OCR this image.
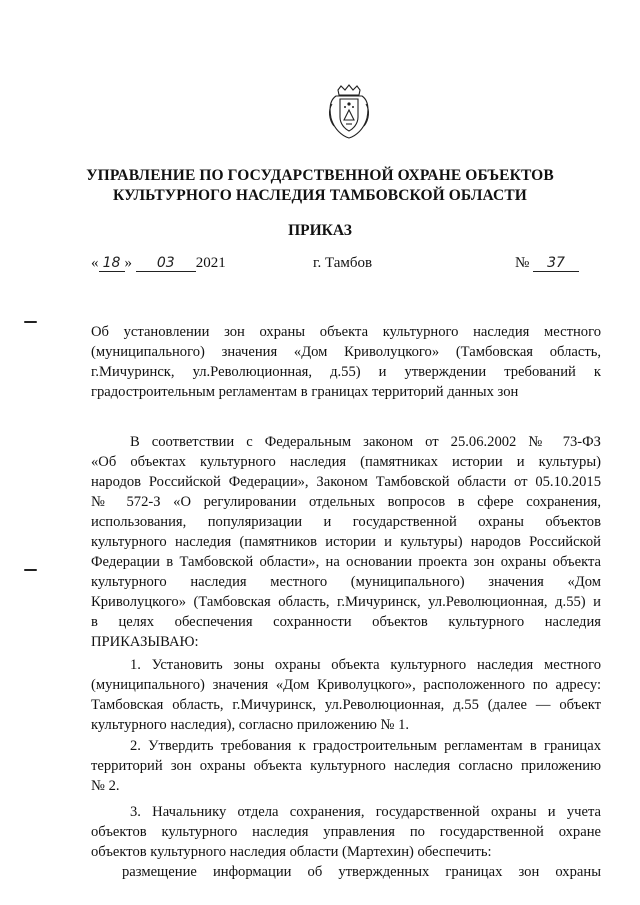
УПРАВЛЕНИЕ ПО ГОСУДАРСТВЕННОЙ ОХРАНЕ ОБЪЕКТОВ
КУЛЬТУРНОГО НАСЛЕДИЯ ТАМБОВСКОЙ ОБЛАСТИ
ПРИКАЗ
« 18 » 03 2021	г. Тамбов	№ 37

Об установлении зон охраны объекта культурного наследия местного

(муниципального) значения «Дом Криволуцкого» (Тамбовская область,

г.Мичуринск, ул.Революционная, д.55) и утверждении требований к

градостроительным регламентам в границах территорий данных зон

В соответствии с Федеральным законом от 25.06.2002 № 73-ФЗ

«Об объектах культурного наследия (памятниках истории и культуры)

народов Российской Федерации», Законом Тамбовской области от 05.10.2015

№ 572-З «О регулировании отдельных вопросов в сфере сохранения,

использования, популяризации и государственной охраны объектов

культурного наследия (памятников истории и культуры) народов Российской

Федерации в Тамбовской области», на основании проекта зон охраны объекта

культурного наследия местного (муниципального) значения «Дом

Криволуцкого» (Тамбовская область, г.Мичуринск, ул.Революционная, д.55) и

в целях обеспечения сохранности объектов культурного наследия

ПРИКАЗЫВАЮ:

1. Установить зоны охраны объекта культурного наследия местного

(муниципального) значения «Дом Криволуцкого», расположенного по адресу:

Тамбовская область, г.Мичуринск, ул.Революционная, д.55 (далее — объект

культурного наследия), согласно приложению № 1.

2. Утвердить требования к градостроительным регламентам в границах

территорий зон охраны объекта культурного наследия согласно приложению

№ 2.

3. Начальнику отдела сохранения, государственной охраны и учета

объектов культурного наследия управления по государственной охране

объектов культурного наследия области (Мартехин) обеспечить:

размещение информации об утвержденных границах зон охраны
